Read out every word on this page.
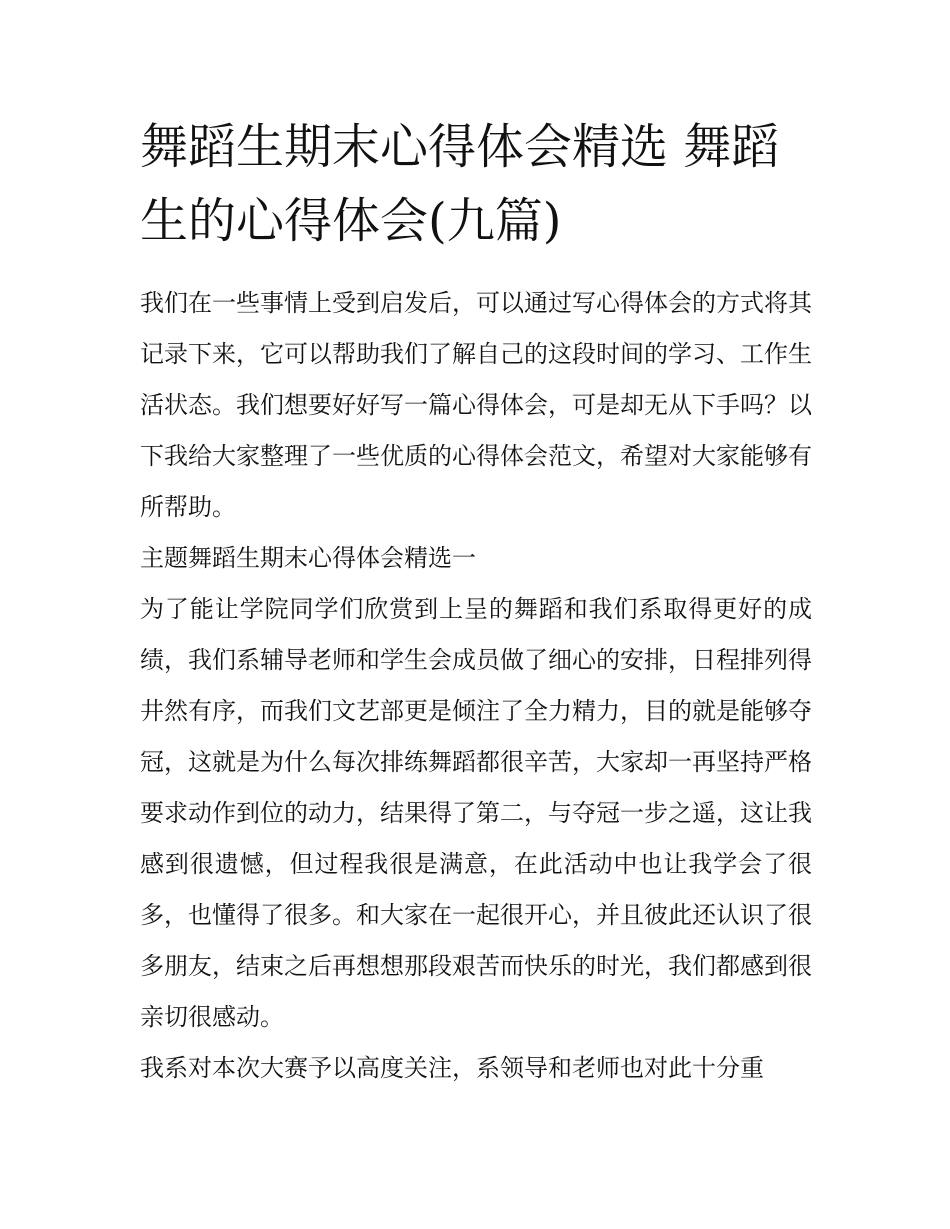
舞蹈生期末心得体会精选 舞蹈生的心得体会(九篇)

我们在一些事情上受到启发后，可以通过写心得体会的方式将其记录下来，它可以帮助我们了解自己的这段时间的学习、工作生活状态。我们想要好好写一篇心得体会，可是却无从下手吗？以下我给大家整理了一些优质的心得体会范文，希望对大家能够有所帮助。

主题舞蹈生期末心得体会精选一

为了能让学院同学们欣赏到上呈的舞蹈和我们系取得更好的成绩，我们系辅导老师和学生会成员做了细心的安排，日程排列得井然有序，而我们文艺部更是倾注了全力精力，目的就是能够夺冠，这就是为什么每次排练舞蹈都很辛苦，大家却一再坚持严格要求动作到位的动力，结果得了第二，与夺冠一步之遥，这让我感到很遗憾，但过程我很是满意，在此活动中也让我学会了很多，也懂得了很多。和大家在一起很开心，并且彼此还认识了很多朋友，结束之后再想想那段艰苦而快乐的时光，我们都感到很亲切很感动。

我系对本次大赛予以高度关注，系领导和老师也对此十分重
